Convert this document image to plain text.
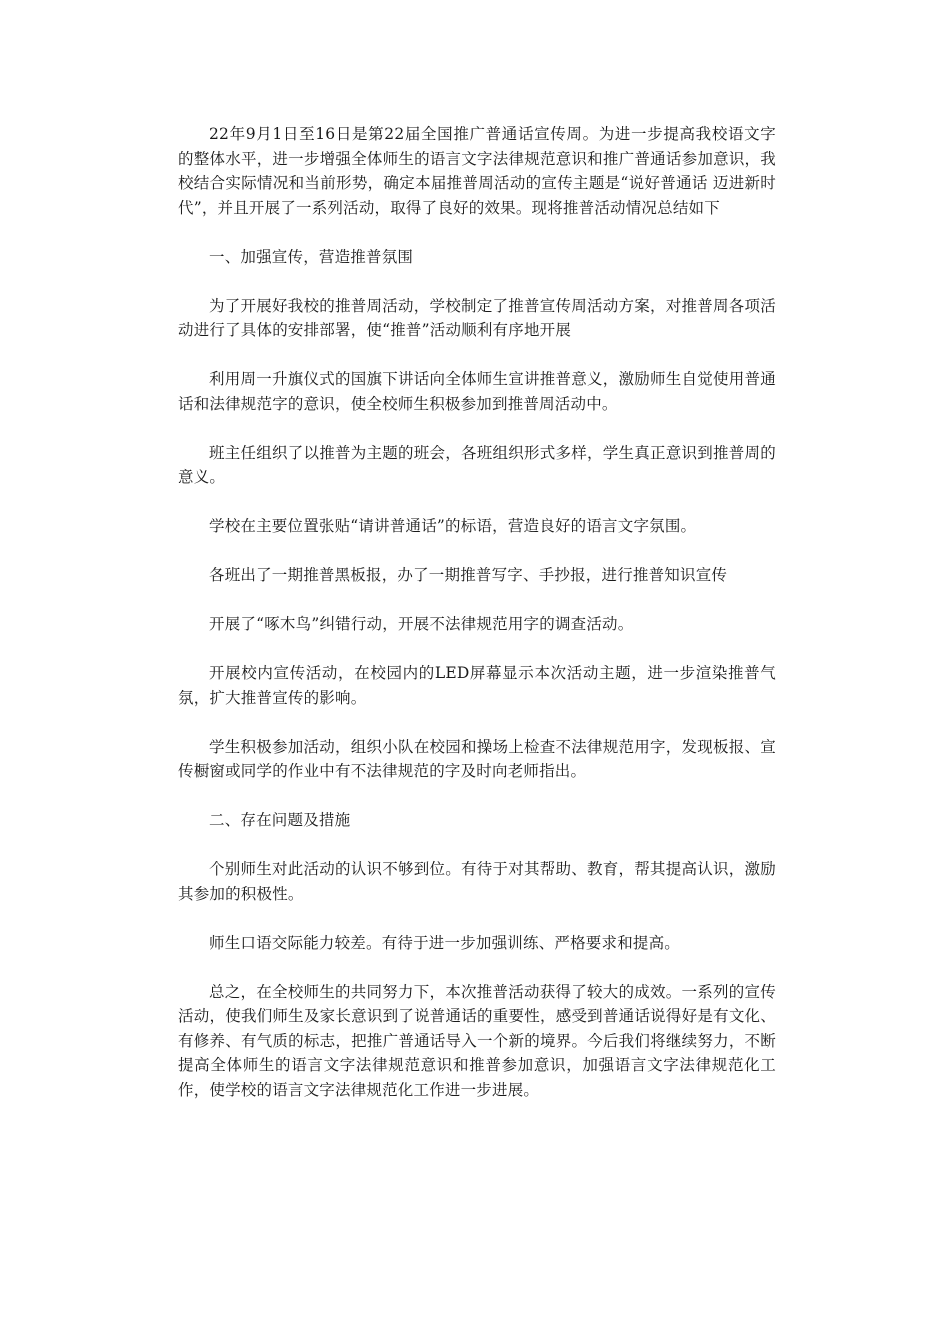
22年9月1日至16日是第22届全国推广普通话宣传周。为进一步提高我校语文字的整体水平，进一步增强全体师生的语言文字法律规范意识和推广普通话参加意识，我校结合实际情况和当前形势，确定本届推普周活动的宣传主题是“说好普通话 迈进新时代”，并且开展了一系列活动，取得了良好的效果。现将推普活动情况总结如下

一、加强宣传，营造推普氛围

为了开展好我校的推普周活动，学校制定了推普宣传周活动方案，对推普周各项活动进行了具体的安排部署，使“推普”活动顺利有序地开展

利用周一升旗仪式的国旗下讲话向全体师生宣讲推普意义，激励师生自觉使用普通话和法律规范字的意识，使全校师生积极参加到推普周活动中。

班主任组织了以推普为主题的班会，各班组织形式多样，学生真正意识到推普周的意义。

学校在主要位置张贴“请讲普通话”的标语，营造良好的语言文字氛围。

各班出了一期推普黑板报，办了一期推普写字、手抄报，进行推普知识宣传

开展了“啄木鸟”纠错行动，开展不法律规范用字的调查活动。

开展校内宣传活动，在校园内的LED屏幕显示本次活动主题，进一步渲染推普气氛，扩大推普宣传的影响。

学生积极参加活动，组织小队在校园和操场上检查不法律规范用字，发现板报、宣传橱窗或同学的作业中有不法律规范的字及时向老师指出。

二、存在问题及措施

个别师生对此活动的认识不够到位。有待于对其帮助、教育，帮其提高认识，激励其参加的积极性。

师生口语交际能力较差。有待于进一步加强训练、严格要求和提高。

总之，在全校师生的共同努力下，本次推普活动获得了较大的成效。一系列的宣传活动，使我们师生及家长意识到了说普通话的重要性，感受到普通话说得好是有文化、有修养、有气质的标志，把推广普通话导入一个新的境界。今后我们将继续努力，不断提高全体师生的语言文字法律规范意识和推普参加意识，加强语言文字法律规范化工作，使学校的语言文字法律规范化工作进一步进展。
